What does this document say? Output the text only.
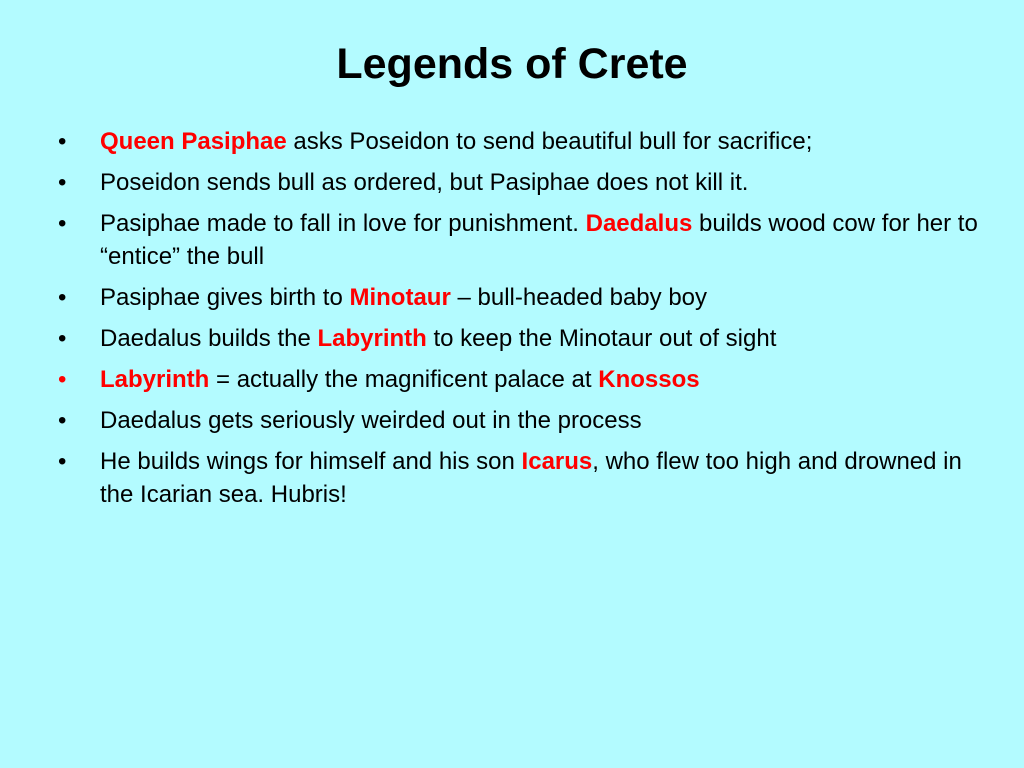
Legends of Crete
•	Queen Pasiphae asks Poseidon to send beautiful bull for sacrifice;
•	Poseidon sends bull as ordered, but Pasiphae does not kill it.
•	Pasiphae made to fall in love for punishment. Daedalus builds wood cow for her to “entice” the bull
•	Pasiphae gives birth to Minotaur – bull-headed baby boy
•	Daedalus builds the Labyrinth to keep the Minotaur out of sight
•	Labyrinth = actually the magnificent palace at Knossos
•	Daedalus gets seriously weirded out in the process
•	He builds wings for himself and his son Icarus, who flew too high and drowned in the Icarian sea. Hubris!
